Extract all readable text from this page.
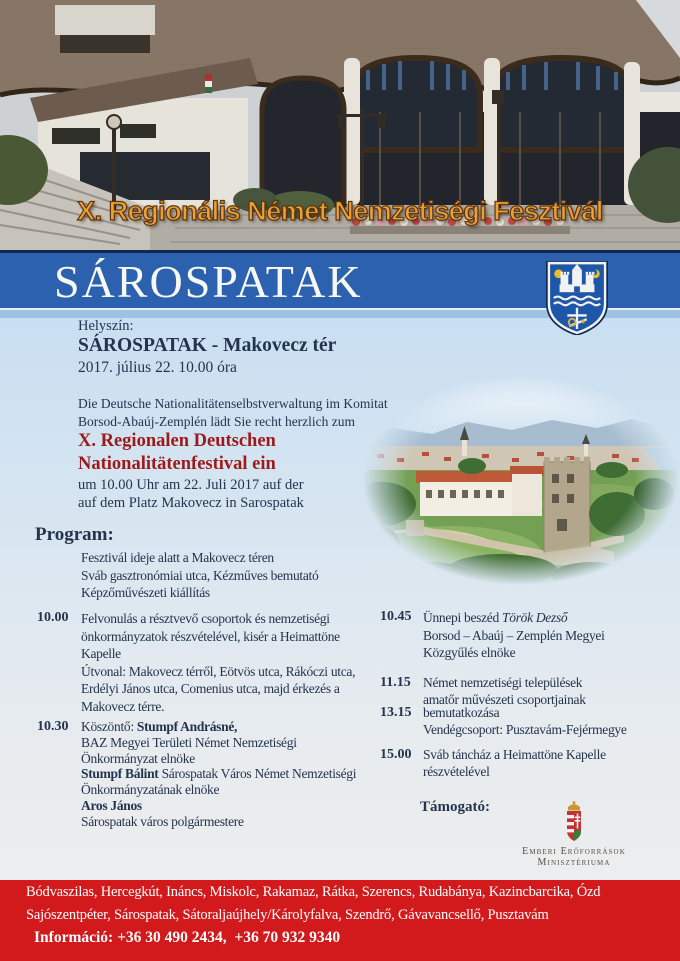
X. Regionális Német Nemzetiségi Fesztivál
SÁROSPATAK
Helyszín:
SÁROSPATAK - Makovecz tér
2017. július 22. 10.00 óra
Die Deutsche Nationalitätenselbstverwaltung im Komitat
Borsod-Abaúj-Zemplén lädt Sie recht herzlich zum
X. Regionalen Deutschen
Nationalitätenfestival ein
um 10.00 Uhr am 22. Juli 2017 auf der
auf dem Platz Makovecz in Sarospatak
Program:
Fesztivál ideje alatt a Makovecz téren
Sváb gasztronómiai utca, Kézműves bemutató
Képzőművészeti kiállítás
10.00 Felvonulás a résztvevő csoportok és nemzetiségi
önkormányzatok részvételével, kisér a Heimattöne
Kapelle
Útvonal: Makovecz térről, Eötvös utca, Rákóczi utca,
Erdélyi János utca, Comenius utca, majd érkezés a
Makovecz térre.
10.30 Köszöntő: Stumpf Andrásné,
BAZ Megyei Területi Német Nemzetiségi
Önkormányzat elnöke
Stumpf Bálint Sárospatak Város Német Nemzetiségi
Önkormányzatának elnöke
Aros János
Sárospatak város polgármestere
10.45 Ünnepi beszéd Török Dezső
Borsod – Abaúj – Zemplén Megyei
Közgyűlés elnöke
11.15 Német nemzetiségi települések
amatőr művészeti csoportjainak
13.15 bemutatkozása
Vendégcsoport: Pusztavám-Fejérmegye
15.00 Sváb táncház a Heimattöne Kapelle
részvételével
Támogató:
Emberi Erőforrások
Minisztériuma
Bódvaszilas, Hercegkút, Ináncs, Miskolc, Rakamaz, Rátka, Szerencs, Rudabánya, Kazincbarcika, Ózd
Sajószentpéter, Sárospatak, Sátoraljaújhely/Károlyfalva, Szendrő, Gávavancsellő, Pusztavám
Információ: +36 30 490 2434,  +36 70 932 9340
